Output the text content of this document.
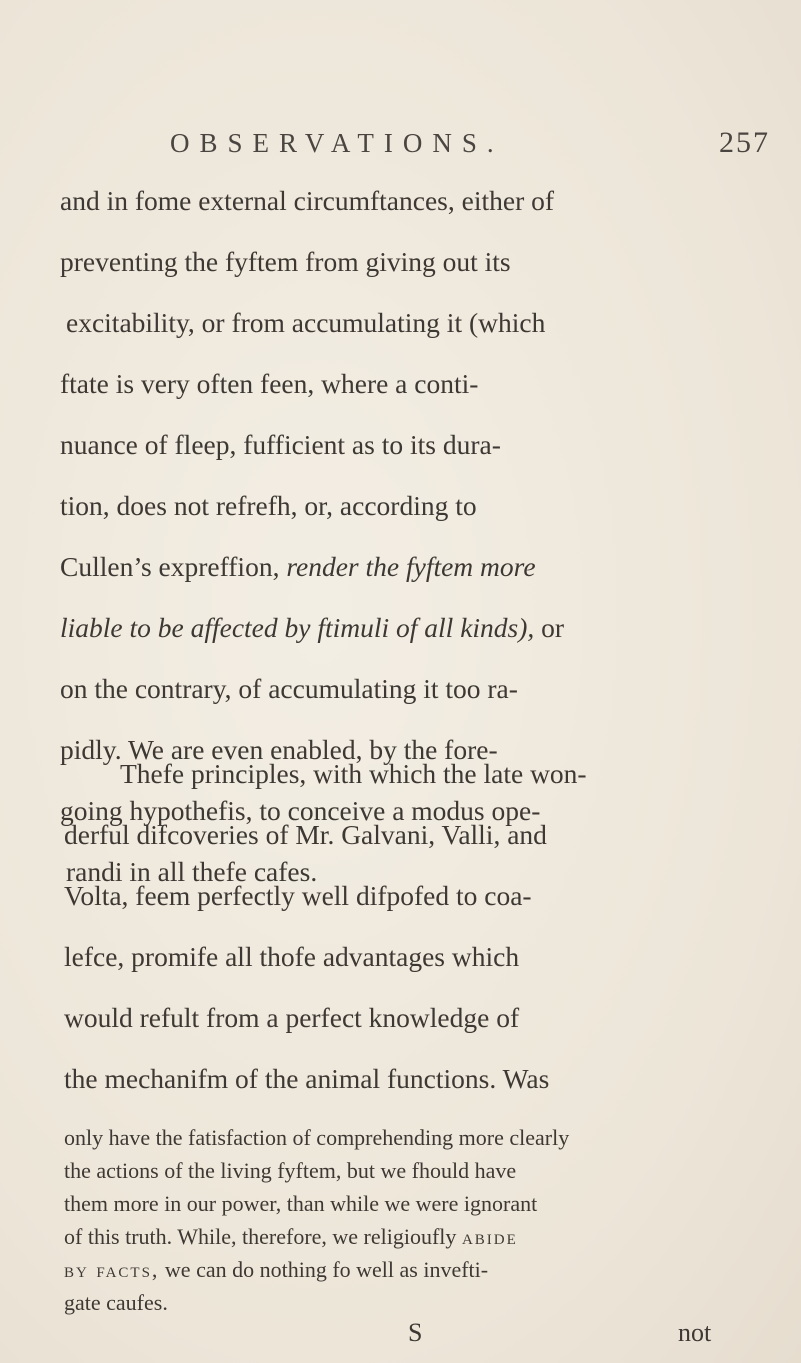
OBSERVATIONS.	257
and in fome external circumftances, either of
preventing the fyftem from giving out its
excitability, or from accumulating it (which
ftate is very often feen, where a conti-
nuance of fleep, fufficient as to its dura-
tion, does not refrefh, or, according to
Cullen’s expreffion, render the fyftem more
liable to be affected by ftimuli of all kinds), or
on the contrary, of accumulating it too ra-
pidly. We are even enabled, by the fore-
going hypothefis, to conceive a modus ope-
randi in all thefe cafes.
Thefe principles, with which the late won-
derful difcoveries of Mr. Galvani, Valli, and
Volta, feem perfectly well difpofed to coa-
lefce, promife all thofe advantages which
would refult from a perfect knowledge of
the mechanifm of the animal functions. Was
only have the fatisfaction of comprehending more clearly
the actions of the living fyftem, but we fhould have
them more in our power, than while we were ignorant
of this truth. While, therefore, we religioufly abide
by facts, we can do nothing fo well as invefti-
gate caufes.
S	not
